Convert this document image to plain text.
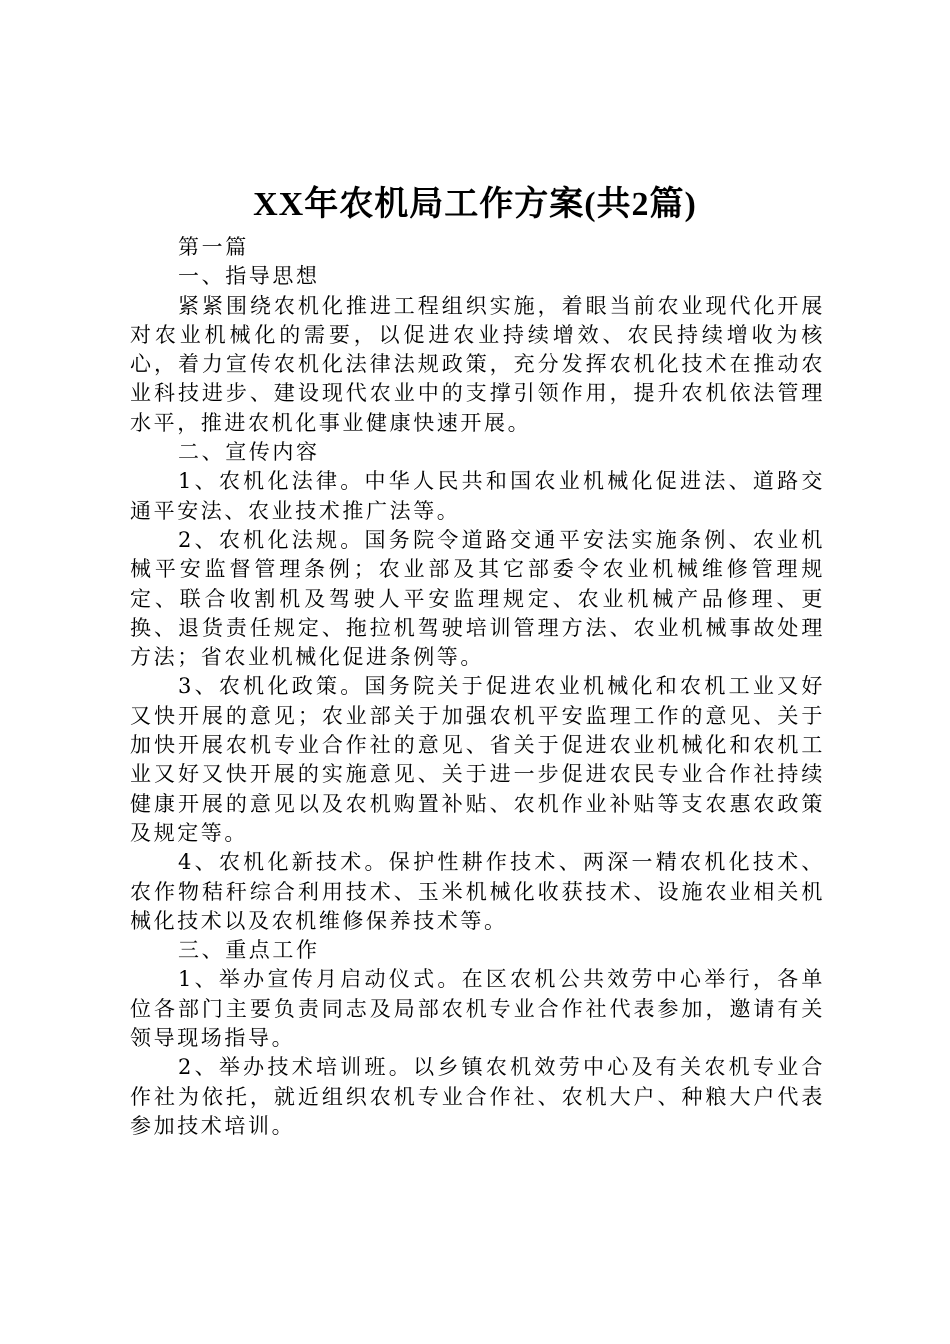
XX年农机局工作方案(共2篇)

第一篇

一、指导思想

紧紧围绕农机化推进工程组织实施，着眼当前农业现代化开展对农业机械化的需要，以促进农业持续增效、农民持续增收为核心，着力宣传农机化法律法规政策，充分发挥农机化技术在推动农业科技进步、建设现代农业中的支撑引领作用，提升农机依法管理水平，推进农机化事业健康快速开展。

二、宣传内容

1、农机化法律。中华人民共和国农业机械化促进法、道路交通平安法、农业技术推广法等。

2、农机化法规。国务院令道路交通平安法实施条例、农业机械平安监督管理条例；农业部及其它部委令农业机械维修管理规定、联合收割机及驾驶人平安监理规定、农业机械产品修理、更换、退货责任规定、拖拉机驾驶培训管理方法、农业机械事故处理方法；省农业机械化促进条例等。

3、农机化政策。国务院关于促进农业机械化和农机工业又好又快开展的意见；农业部关于加强农机平安监理工作的意见、关于加快开展农机专业合作社的意见、省关于促进农业机械化和农机工业又好又快开展的实施意见、关于进一步促进农民专业合作社持续健康开展的意见以及农机购置补贴、农机作业补贴等支农惠农政策及规定等。

4、农机化新技术。保护性耕作技术、两深一精农机化技术、农作物秸秆综合利用技术、玉米机械化收获技术、设施农业相关机械化技术以及农机维修保养技术等。

三、重点工作

1、举办宣传月启动仪式。在区农机公共效劳中心举行，各单位各部门主要负责同志及局部农机专业合作社代表参加，邀请有关领导现场指导。

2、举办技术培训班。以乡镇农机效劳中心及有关农机专业合作社为依托，就近组织农机专业合作社、农机大户、种粮大户代表参加技术培训。
